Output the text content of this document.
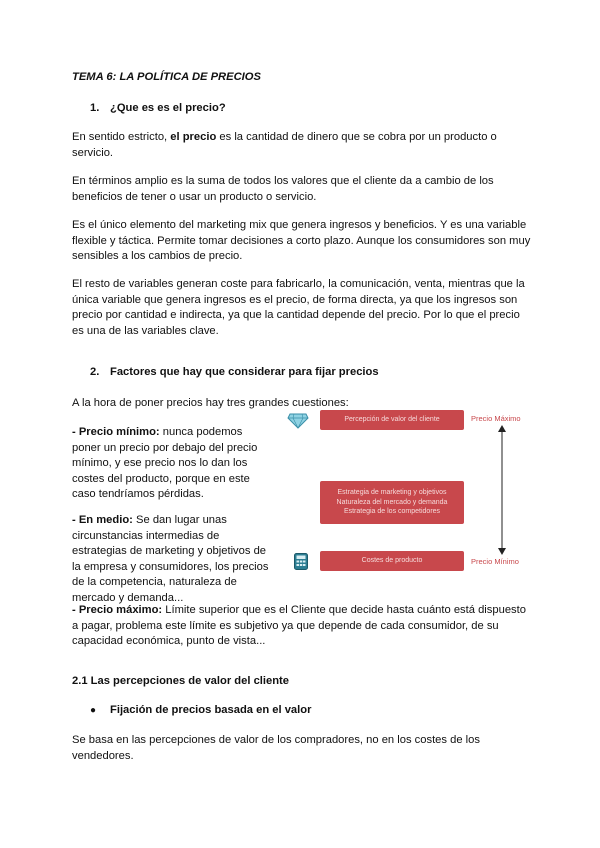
TEMA 6: LA POLÍTICA DE PRECIOS

1. ¿Que es es el precio?

En sentido estricto, el precio es la cantidad de dinero que se cobra por un producto o servicio.

En términos amplio es la suma de todos los valores que el cliente da a cambio de los beneficios de tener o usar un producto o servicio.

Es el único elemento del marketing mix que genera ingresos y beneficios. Y es una variable flexible y táctica. Permite tomar decisiones a corto plazo. Aunque los consumidores son muy sensibles a los cambios de precio.

El resto de variables generan coste para fabricarlo, la comunicación, venta, mientras que la única variable que genera ingresos es el precio, de forma directa, ya que los ingresos son precio por cantidad e indirecta, ya que la cantidad depende del precio. Por lo que el precio es una de las variables clave.

2. Factores que hay que considerar para fijar precios

A la hora de poner precios hay tres grandes cuestiones:

- Precio mínimo: nunca podemos poner un precio por debajo del precio mínimo, y ese precio nos lo dan los costes del producto, porque en este caso tendríamos pérdidas.

- En medio: Se dan lugar unas circunstancias intermedias de estrategias de marketing y objetivos de la empresa y consumidores, los precios de la competencia, naturaleza de mercado y demanda...

Percepción de valor del cliente	Precio Máximo
Estrategia de marketing y objetivos
Naturaleza del mercado y demanda
Estrategia de los competidores
Costes de producto	Precio Mínimo

- Precio máximo: Límite superior que es el Cliente que decide hasta cuánto está dispuesto a pagar, problema este límite es subjetivo ya que depende de cada consumidor, de su capacidad económica, punto de vista...

2.1 Las percepciones de valor del cliente

● Fijación de precios basada en el valor

Se basa en las percepciones de valor de los compradores, no en los costes de los vendedores.
